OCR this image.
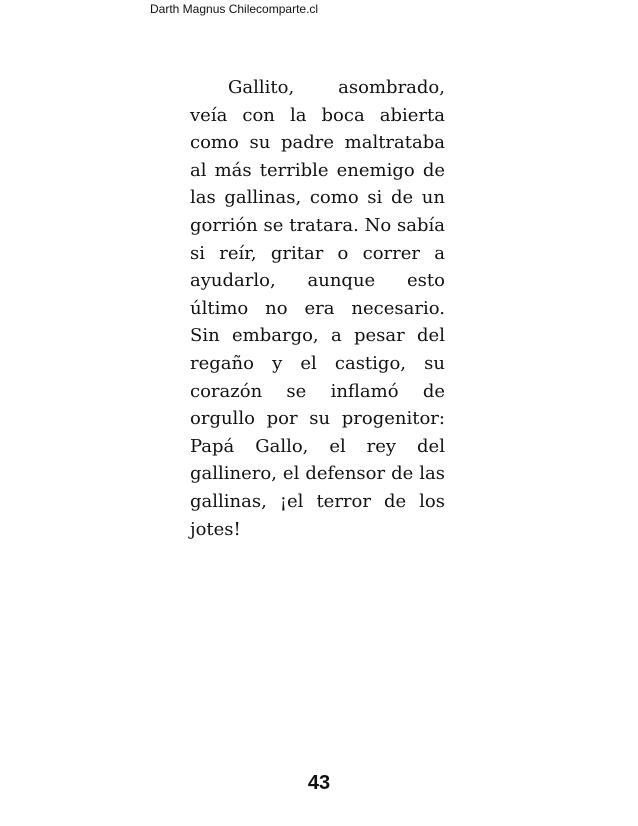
Darth Magnus Chilecomparte.cl
Gallito, asombrado,
veía con la boca abierta
como su padre maltrataba
al más terrible enemigo de
las gallinas, como si de un
gorrión se tratara. No sabía
si reír, gritar o correr a
ayudarlo, aunque esto
último no era necesario.
Sin embargo, a pesar del
regaño y el castigo, su
corazón se inflamó de
orgullo por su progenitor:
Papá Gallo, el rey del
gallinero, el defensor de las
gallinas, ¡el terror de los
jotes!
43
